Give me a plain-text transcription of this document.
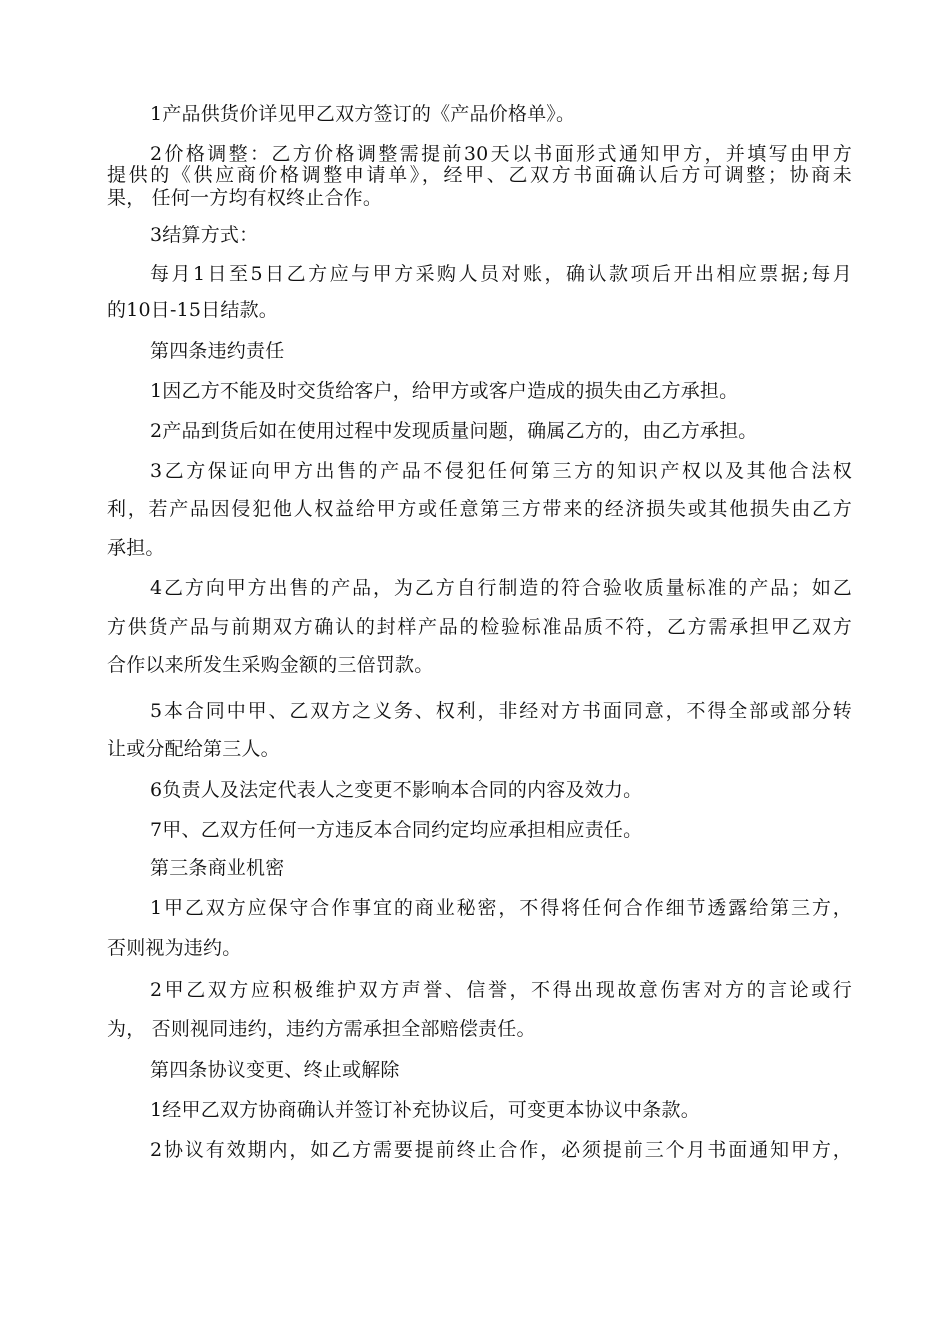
1产品供货价详见甲乙双方签订的《产品价格单》。
2价格调整：乙方价格调整需提前30天以书面形式通知甲方，并填写由甲方
提供的《供应商价格调整申请单》，经甲、乙双方书面确认后方可调整；协商未
果， 任何一方均有权终止合作。
3结算方式：
每月1日至5日乙方应与甲方采购人员对账，确认款项后开出相应票据;每月
的10日-15日结款。
第四条违约责任
1因乙方不能及时交货给客户，给甲方或客户造成的损失由乙方承担。
2产品到货后如在使用过程中发现质量问题，确属乙方的，由乙方承担。
3乙方保证向甲方出售的产品不侵犯任何第三方的知识产权以及其他合法权
利，若产品因侵犯他人权益给甲方或任意第三方带来的经济损失或其他损失由乙方
承担。
4乙方向甲方出售的产品，为乙方自行制造的符合验收质量标准的产品；如乙
方供货产品与前期双方确认的封样产品的检验标准品质不符，乙方需承担甲乙双方
合作以来所发生采购金额的三倍罚款。
5本合同中甲、乙双方之义务、权利，非经对方书面同意，不得全部或部分转
让或分配给第三人。
6负责人及法定代表人之变更不影响本合同的内容及效力。
7甲、乙双方任何一方违反本合同约定均应承担相应责任。
第三条商业机密
1甲乙双方应保守合作事宜的商业秘密，不得将任何合作细节透露给第三方，
否则视为违约。
2甲乙双方应积极维护双方声誉、信誉，不得出现故意伤害对方的言论或行
为， 否则视同违约，违约方需承担全部赔偿责任。
第四条协议变更、终止或解除
1经甲乙双方协商确认并签订补充协议后，可变更本协议中条款。
2协议有效期内，如乙方需要提前终止合作，必须提前三个月书面通知甲方，
